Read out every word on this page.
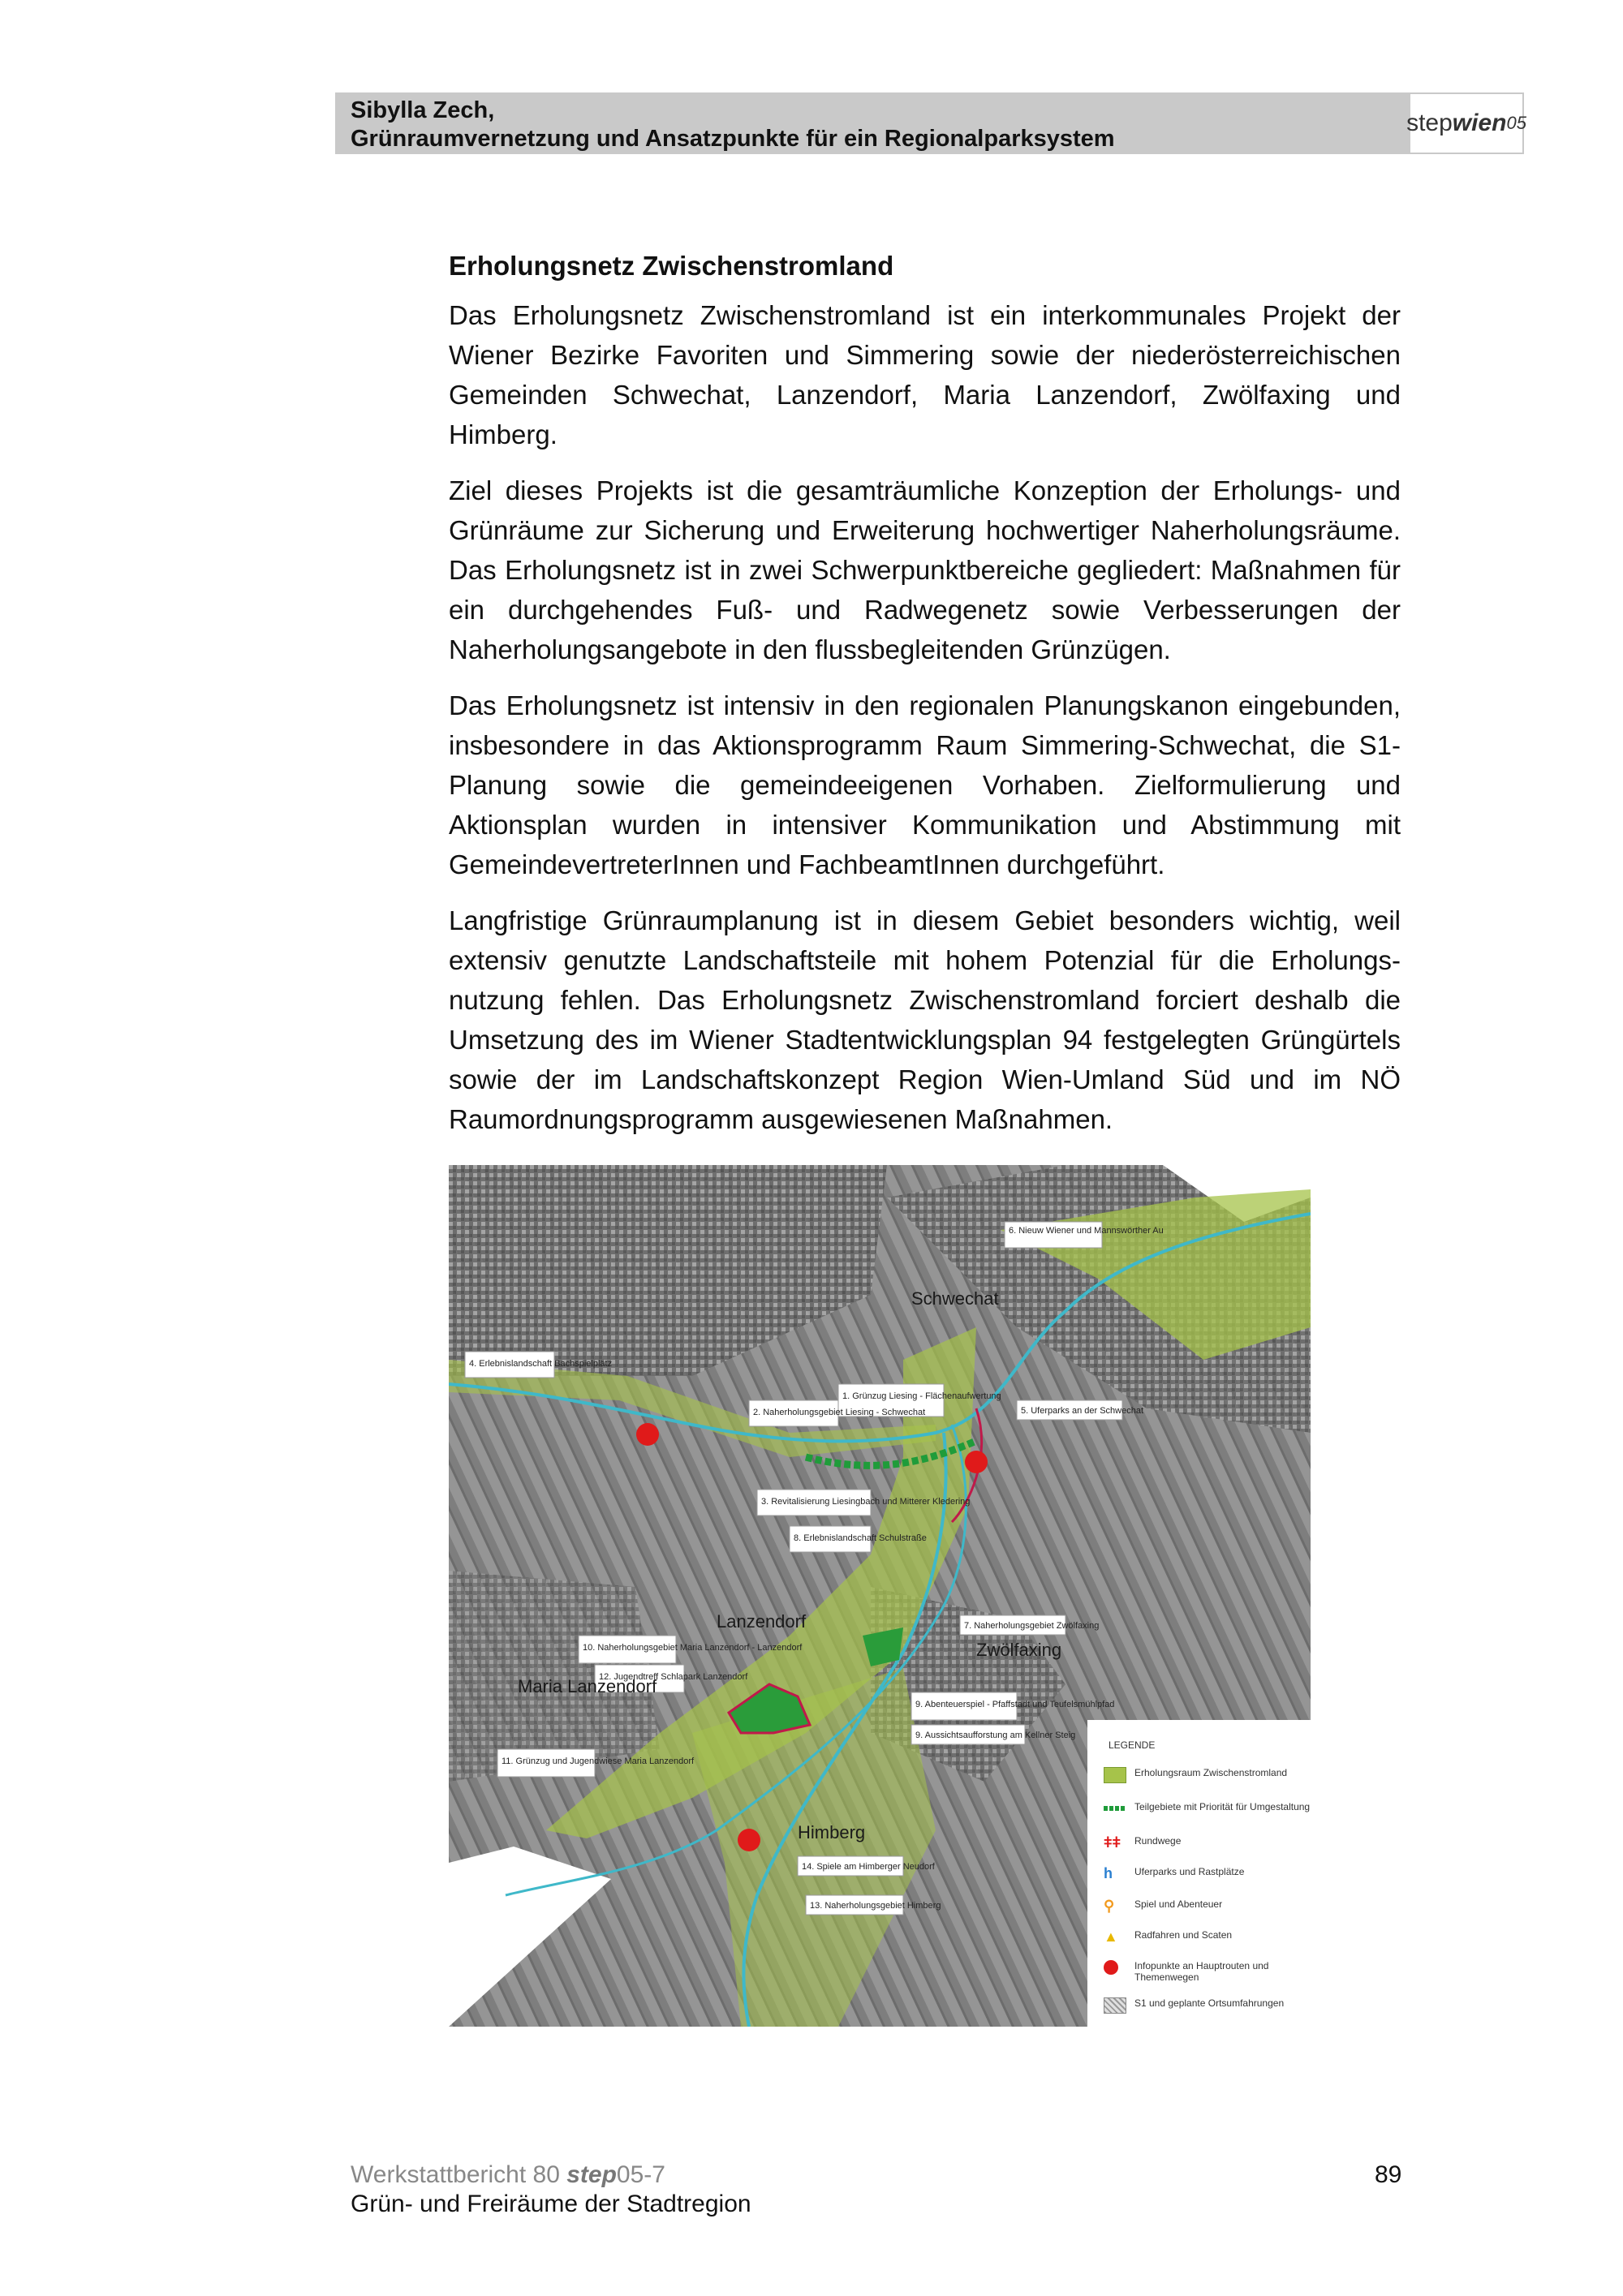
Sibylla Zech,
Grünraumvernetzung und Ansatzpunkte für ein Regionalparksystem
step wien 05
Erholungsnetz Zwischenstromland

Das Erholungsnetz Zwischenstromland ist ein interkommunales Projekt der Wiener Bezirke Favoriten und Simmering sowie der niederösterreichischen Gemeinden Schwechat, Lanzendorf, Maria Lanzendorf, Zwölfaxing und Himberg.

Ziel dieses Projekts ist die gesamträumliche Konzeption der Erholungs- und Grünräume zur Sicherung und Erweiterung hochwertiger Naherholungsräume. Das Erholungsnetz ist in zwei Schwerpunktbereiche gegliedert: Maßnahmen für ein durchgehendes Fuß- und Radwegenetz sowie Verbesserungen der Naherholungsangebote in den flussbegleitenden Grünzügen.

Das Erholungsnetz ist intensiv in den regionalen Planungskanon eingebunden, insbesondere in das Aktionsprogramm Raum Simmering-Schwechat, die S1-Planung sowie die gemeindeeigenen Vorhaben. Zielformulierung und Aktionsplan wurden in intensiver Kommunikation und Abstimmung mit GemeindevertreterInnen und FachbeamtInnen durchgeführt.

Langfristige Grünraumplanung ist in diesem Gebiet besonders wichtig, weil extensiv genutzte Landschaftsteile mit hohem Potenzial für die Erholungsnutzung fehlen. Das Erholungsnetz Zwischenstromland forciert deshalb die Umsetzung des im Wiener Stadtentwicklungsplan 94 festgelegten Grüngürtels sowie der im Landschaftskonzept Region Wien-Umland Süd und im NÖ Raumordnungsprogramm ausgewiesenen Maßnahmen.

6. Nieuw Wiener und Mannswörther Au
4. Erlebnislandschaft Bachspielplätz
1. Grünzug Liesing - Flächenaufwertung
5. Uferparks an der Schwechat
2. Naherholungsgebiet Liesing - Schwechat
3. Revitalisierung Liesingbach und Mitterer Kledering
8. Erlebnislandschaft Schulstraße
7. Naherholungsgebiet Zwölfaxing
10. Naherholungsgebiet Maria Lanzendorf - Lanzendorf
12. Jugendtreff Schlapark Lanzendorf
9. Abenteuerspiel - Pfaffstadt und Teufelsmühlpfad
9. Aussichtsaufforstung am Kellner Steig
11. Grünzug und Jugendwiese Maria Lanzendorf
14. Spiele am Himberger Neudorf
13. Naherholungsgebiet Himberg
Schwechat
Lanzendorf
Maria Lanzendorf
Himberg
Zwölfaxing
LEGENDE
Erholungsraum Zwischenstromland
Teilgebiete mit Priorität für Umgestaltung
ǂǂ	Rundwege
h	Uferparks und Rastplätze
⚲	Spiel und Abenteuer
▲	Radfahren und Scaten
Infopunkte an Hauptrouten und Themenwegen
S1 und geplante Ortsumfahrungen
Werkstattbericht 80 step05-7
Grün- und Freiräume der Stadtregion
89
